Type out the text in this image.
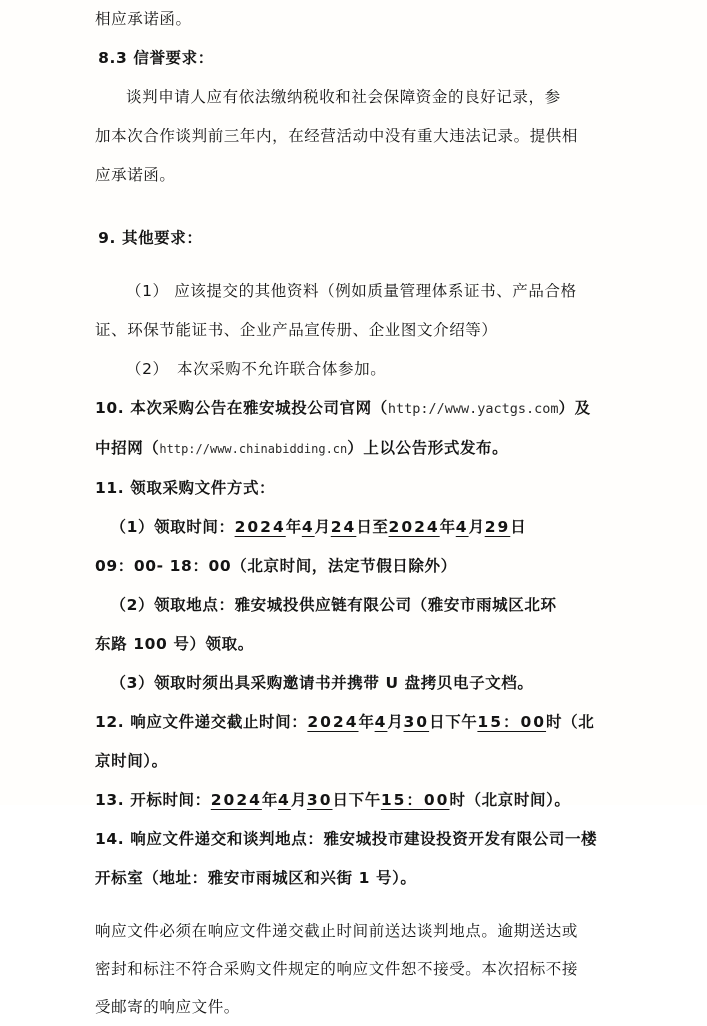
相应承诺函。

8.3 信誉要求：

谈判申请人应有依法缴纳税收和社会保障资金的良好记录，参

加本次合作谈判前三年内，在经营活动中没有重大违法记录。提供相

应承诺函。

9. 其他要求：

（1） 应该提交的其他资料（例如质量管理体系证书、产品合格

证、环保节能证书、企业产品宣传册、企业图文介绍等）

（2）　本次采购不允许联合体参加。

10. 本次采购公告在雅安城投公司官网（http://www.yactgs.com）及

中招网（http://www.chinabidding.cn）上以公告形式发布。

11. 领取采购文件方式：

（1）领取时间：2024年4月24日至2024年4月29日

09：00- 18：00（北京时间，法定节假日除外）

（2）领取地点：雅安城投供应链有限公司（雅安市雨城区北环

东路 100 号）领取。

（3）领取时须出具采购邀请书并携带 U 盘拷贝电子文档。

12. 响应文件递交截止时间：2024年4月30日下午15：00时（北

京时间）。

13. 开标时间：2024年4月30日下午15：00时（北京时间）。

14. 响应文件递交和谈判地点：雅安城投市建设投资开发有限公司一楼

开标室（地址：雅安市雨城区和兴街 1 号）。

响应文件必须在响应文件递交截止时间前送达谈判地点。逾期送达或

密封和标注不符合采购文件规定的响应文件恕不接受。本次招标不接

受邮寄的响应文件。
